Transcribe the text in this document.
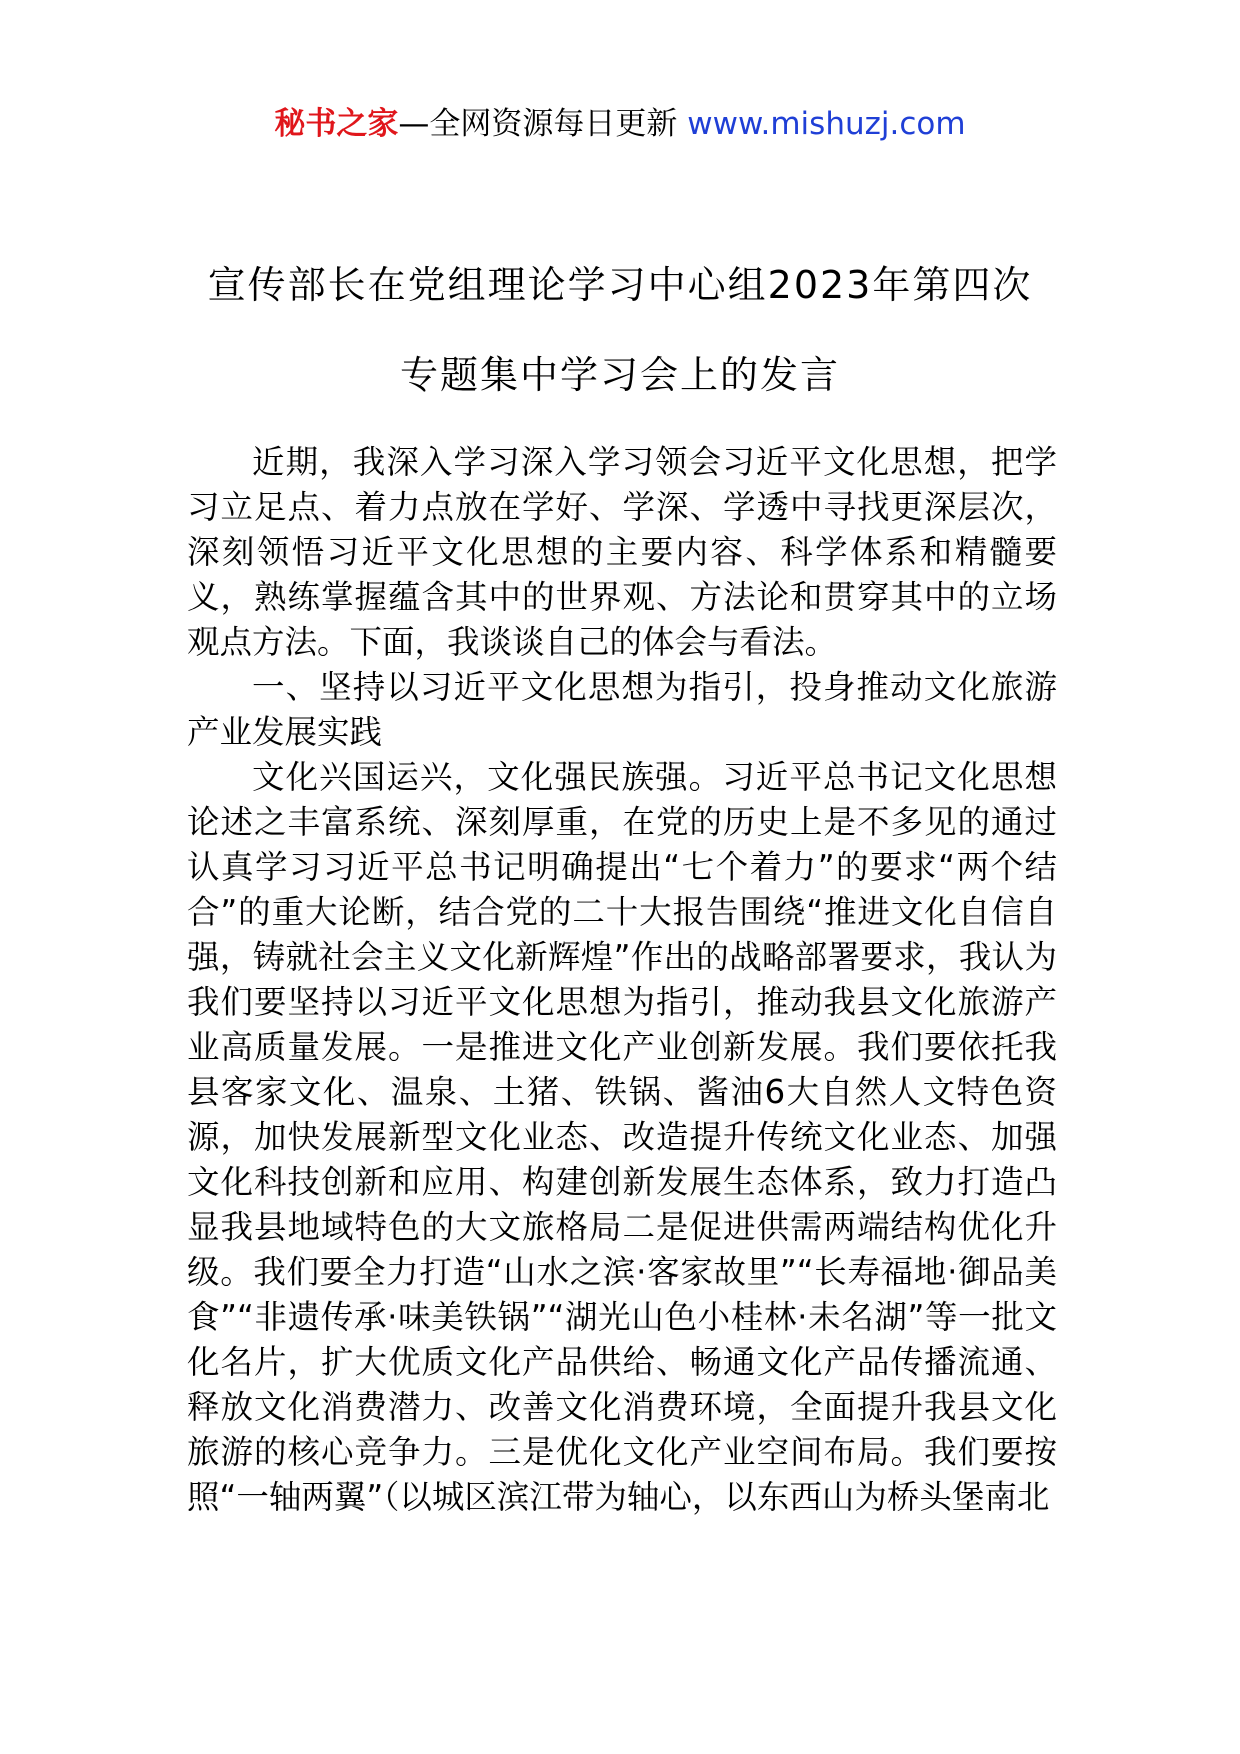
秘书之家—全网资源每日更新 www.mishuzj.com
宣传部长在党组理论学习中心组2023年第四次
专题集中学习会上的发言

近期，我深入学习深入学习领会习近平文化思想，把学习立足点、着力点放在学好、学深、学透中寻找更深层次，深刻领悟习近平文化思想的主要内容、科学体系和精髓要义，熟练掌握蕴含其中的世界观、方法论和贯穿其中的立场观点方法。下面，我谈谈自己的体会与看法。

一、坚持以习近平文化思想为指引，投身推动文化旅游产业发展实践

文化兴国运兴，文化强民族强。习近平总书记文化思想论述之丰富系统、深刻厚重，在党的历史上是不多见的通过认真学习习近平总书记明确提出“七个着力”的要求“两个结合”的重大论断，结合党的二十大报告围绕“推进文化自信自强，铸就社会主义文化新辉煌”作出的战略部署要求，我认为我们要坚持以习近平文化思想为指引，推动我县文化旅游产业高质量发展。一是推进文化产业创新发展。我们要依托我县客家文化、温泉、土猪、铁锅、酱油6大自然人文特色资源，加快发展新型文化业态、改造提升传统文化业态、加强文化科技创新和应用、构建创新发展生态体系，致力打造凸显我县地域特色的大文旅格局二是促进供需两端结构优化升级。我们要全力打造“山水之滨·客家故里”“长寿福地·御品美食”“非遗传承·味美铁锅”“湖光山色小桂林·未名湖”等一批文化名片，扩大优质文化产品供给、畅通文化产品传播流通、释放文化消费潜力、改善文化消费环境，全面提升我县文化旅游的核心竞争力。三是优化文化产业空间布局。我们要按照“一轴两翼”（以城区滨江带为轴心，以东西山为桥头堡南北
